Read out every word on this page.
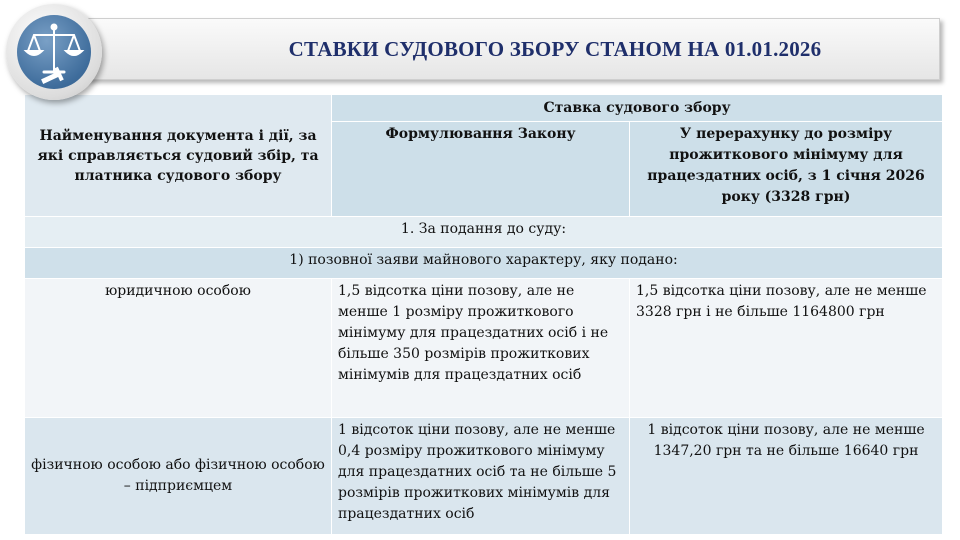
СТАВКИ СУДОВОГО ЗБОРУ СТАНОМ НА 01.01.2026
Найменування документа і дії, за які справляється судовий збір, та платника судового збору	Ставка судового збору	
	Формулювання Закону	У перерахунку до розміру прожиткового мінімуму для працездатних осіб, з 1 січня 2026 року (3328 грн)
1. За подання до суду:		
1) позовної заяви майнового характеру, яку подано:		
юридичною особою	1,5 відсотка ціни позову, але не менше 1 розміру прожиткового мінімуму для працездатних осіб і не більше 350 розмірів прожиткових мінімумів для працездатних осіб	1,5 відсотка ціни позову, але не менше 3328 грн і не більше 1164800 грн
фізичною особою або фізичною особою – підприємцем	1 відсоток ціни позову, але не менше 0,4 розміру прожиткового мінімуму для працездатних осіб та не більше 5 розмірів прожиткових мінімумів для працездатних осіб	1 відсоток ціни позову, але не менше 1347,20 грн та не більше 16640 грн
